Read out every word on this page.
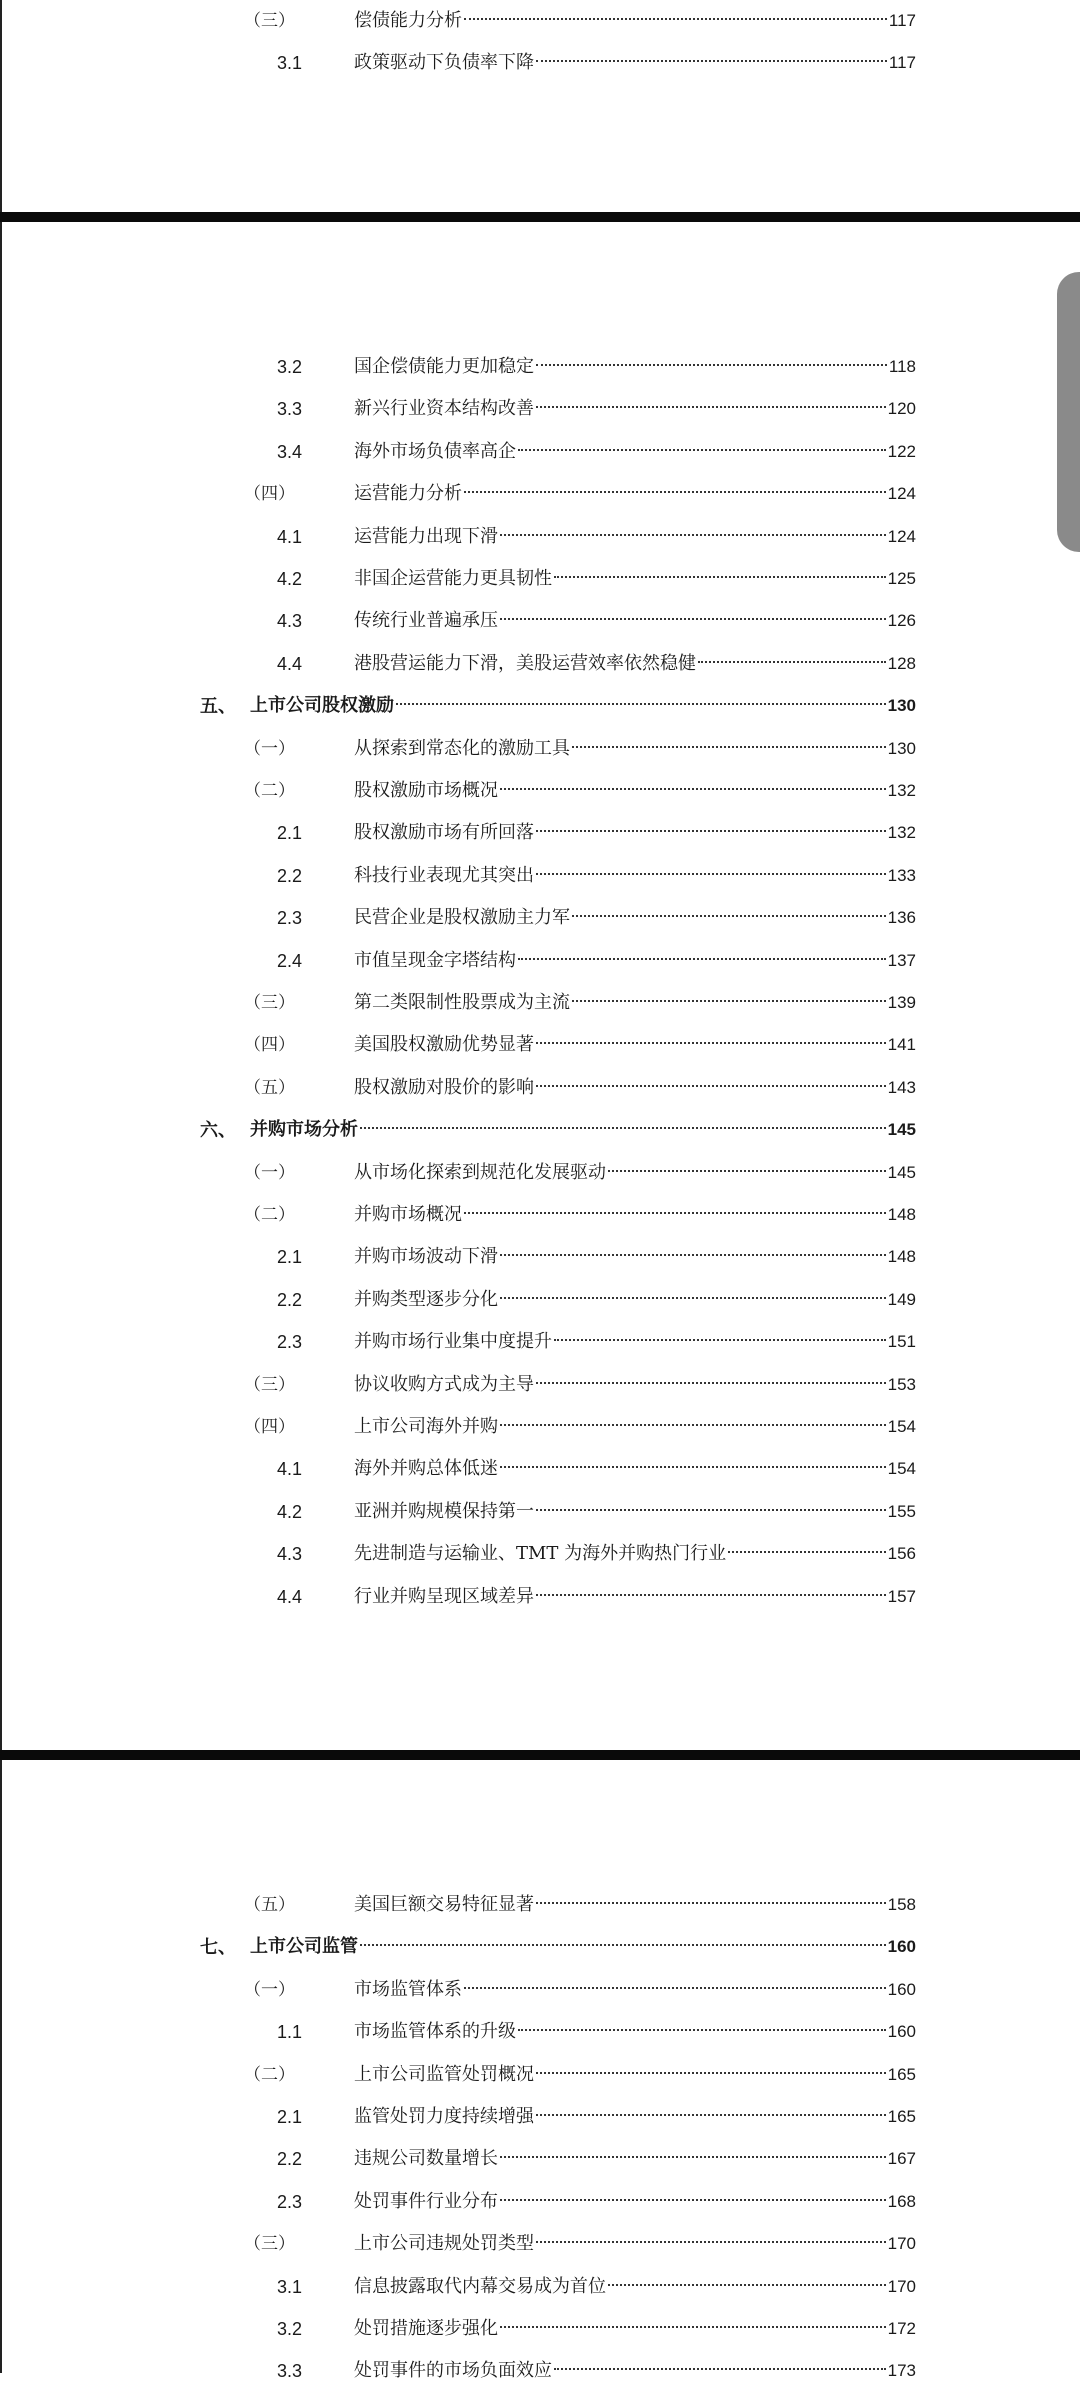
（三）	偿债能力分析	117
3.1	政策驱动下负债率下降	117
3.2	国企偿债能力更加稳定	118
3.3	新兴行业资本结构改善	120
3.4	海外市场负债率高企	122
（四）	运营能力分析	124
4.1	运营能力出现下滑	124
4.2	非国企运营能力更具韧性	125
4.3	传统行业普遍承压	126
4.4	港股营运能力下滑，美股运营效率依然稳健	128
五、 上市公司股权激励	130
（一）	从探索到常态化的激励工具	130
（二）	股权激励市场概况	132
2.1	股权激励市场有所回落	132
2.2	科技行业表现尤其突出	133
2.3	民营企业是股权激励主力军	136
2.4	市值呈现金字塔结构	137
（三）	第二类限制性股票成为主流	139
（四）	美国股权激励优势显著	141
（五）	股权激励对股价的影响	143
六、 并购市场分析	145
（一）	从市场化探索到规范化发展驱动	145
（二）	并购市场概况	148
2.1	并购市场波动下滑	148
2.2	并购类型逐步分化	149
2.3	并购市场行业集中度提升	151
（三）	协议收购方式成为主导	153
（四）	上市公司海外并购	154
4.1	海外并购总体低迷	154
4.2	亚洲并购规模保持第一	155
4.3	先进制造与运输业、TMT 为海外并购热门行业	156
4.4	行业并购呈现区域差异	157
（五）	美国巨额交易特征显著	158
七、 上市公司监管	160
（一）	市场监管体系	160
1.1	市场监管体系的升级	160
（二）	上市公司监管处罚概况	165
2.1	监管处罚力度持续增强	165
2.2	违规公司数量增长	167
2.3	处罚事件行业分布	168
（三）	上市公司违规处罚类型	170
3.1	信息披露取代内幕交易成为首位	170
3.2	处罚措施逐步强化	172
3.3	处罚事件的市场负面效应	173
